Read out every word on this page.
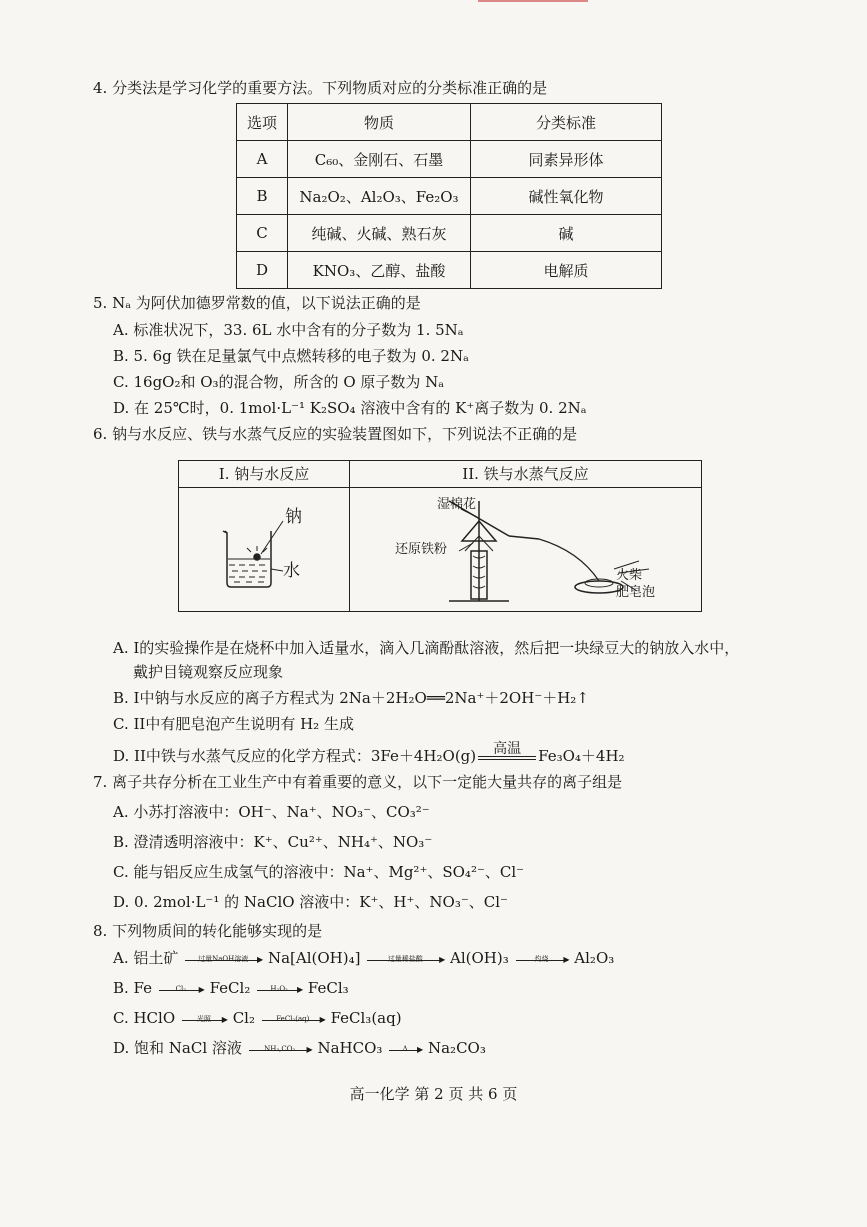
4. 分类法是学习化学的重要方法。下列物质对应的分类标准正确的是
选项	物质	分类标准
A	C₆₀、金刚石、石墨	同素异形体
B	Na₂O₂、Al₂O₃、Fe₂O₃	碱性氧化物
C	纯碱、火碱、熟石灰	碱
D	KNO₃、乙醇、盐酸	电解质
5. Nₐ 为阿伏加德罗常数的值，以下说法正确的是
A. 标准状况下，33. 6L 水中含有的分子数为 1. 5Nₐ
B. 5. 6g 铁在足量氯气中点燃转移的电子数为 0. 2Nₐ
C. 16gO₂和 O₃的混合物，所含的 O 原子数为 Nₐ
D. 在 25℃时，0. 1mol·L⁻¹ K₂SO₄ 溶液中含有的 K⁺离子数为 0. 2Nₐ
6. 钠与水反应、铁与水蒸气反应的实验装置图如下，下列说法不正确的是
I. 钠与水反应	II. 铁与水蒸气反应
钠
水
湿棉花
还原铁粉
火柴
肥皂泡
A. I的实验操作是在烧杯中加入适量水，滴入几滴酚酞溶液，然后把一块绿豆大的钠放入水中，
戴护目镜观察反应现象
B. I中钠与水反应的离子方程式为 2Na＋2H₂O══2Na⁺＋2OH⁻＋H₂↑
C. II中有肥皂泡产生说明有 H₂ 生成
D. II中铁与水蒸气反应的化学方程式：3Fe＋4H₂O(g)	高温	Fe₃O₄＋4H₂
7. 离子共存分析在工业生产中有着重要的意义，以下一定能大量共存的离子组是
A. 小苏打溶液中：OH⁻、Na⁺、NO₃⁻、CO₃²⁻
B. 澄清透明溶液中：K⁺、Cu²⁺、NH₄⁺、NO₃⁻
C. 能与铝反应生成氢气的溶液中：Na⁺、Mg²⁺、SO₄²⁻、Cl⁻
D. 0. 2mol·L⁻¹ 的 NaClO 溶液中：K⁺、H⁺、NO₃⁻、Cl⁻
8. 下列物质间的转化能够实现的是
A. 铝土矿	过量NaOH溶液	▶ Na[Al(OH)₄]	过量稀盐酸	▶ Al(OH)₃	灼烧	▶ Al₂O₃
B. Fe	Cl₂	▶ FeCl₂	H₂O₂	▶ FeCl₃
C. HClO	光照	▶ Cl₂	FeCl₂(aq)	▶ FeCl₃(aq)
D. 饱和 NaCl 溶液	NH₃,CO₂	▶ NaHCO₃	Δ	▶ Na₂CO₃
高一化学 第 2 页 共 6 页
